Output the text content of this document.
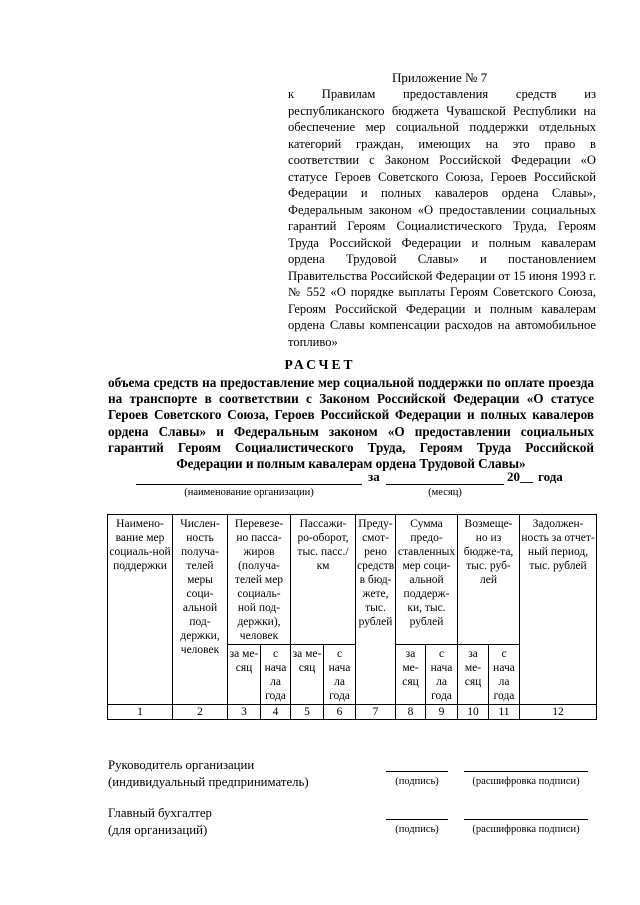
Приложение № 7
к Правилам предоставления средств из республиканского бюджета Чувашской Республики на обеспечение мер социальной поддержки отдельных категорий граждан, имеющих на это право в соответствии с Законом Российской Федерации «О статусе Героев Советского Союза, Героев Российской Федерации и полных кавалеров ордена Славы», Федеральным законом «О предоставлении социальных гарантий Героям Социалистического Труда, Героям Труда Российской Федерации и полным кавалерам ордена Трудовой Славы» и постановлением Правительства Российской Федерации от 15 июня 1993 г. № 552 «О порядке выплаты Героям Советского Союза, Героям Российской Федерации и полным кавалерам ордена Славы компенсации расходов на автомобильное топливо»
РАСЧЕТ
объема средств на предоставление мер социальной поддержки по оплате проезда на транспорте в соответствии с Законом Российской Федерации «О статусе Героев Советского Союза, Героев Российской Федерации и полных кавалеров ордена Славы» и Федеральным законом «О предоставлении социальных гарантий Героям Социалистического Труда, Героям Труда Российской Федерации и полным кавалерам ордена Трудовой Славы»
за	20__ года
(наименование организации)	(месяц)
Наимено-вание мер социаль-ной поддержки	Числен-ность получа-телей меры соци-альной под-держки, человек	Перевезе-но пасса-жиров (получа-телей мер социаль-ной под-держки), человек		Пассажи-ро-оборот, тыс. пасс./км		Преду-смот-рено средств в бюд-жете, тыс. рублей	Сумма предо-ставленных мер соци-альной поддерж-ки, тыс. рублей		Возмеще-но из бюдже-та, тыс. руб-лей		Задолжен-ность за отчет-ный период, тыс. рублей
		за ме-сяц	с нача ла года	за ме-сяц	с нача ла года		за ме-сяц	с нача ла года	за ме-сяц	с нача ла года	
1	2	3	4	5	6	7	8	9	10	11	12
Руководитель организации
(индивидуальный предприниматель)	(подпись)	(расшифровка подписи)
Главный бухгалтер
(для организаций)	(подпись)	(расшифровка подписи)
